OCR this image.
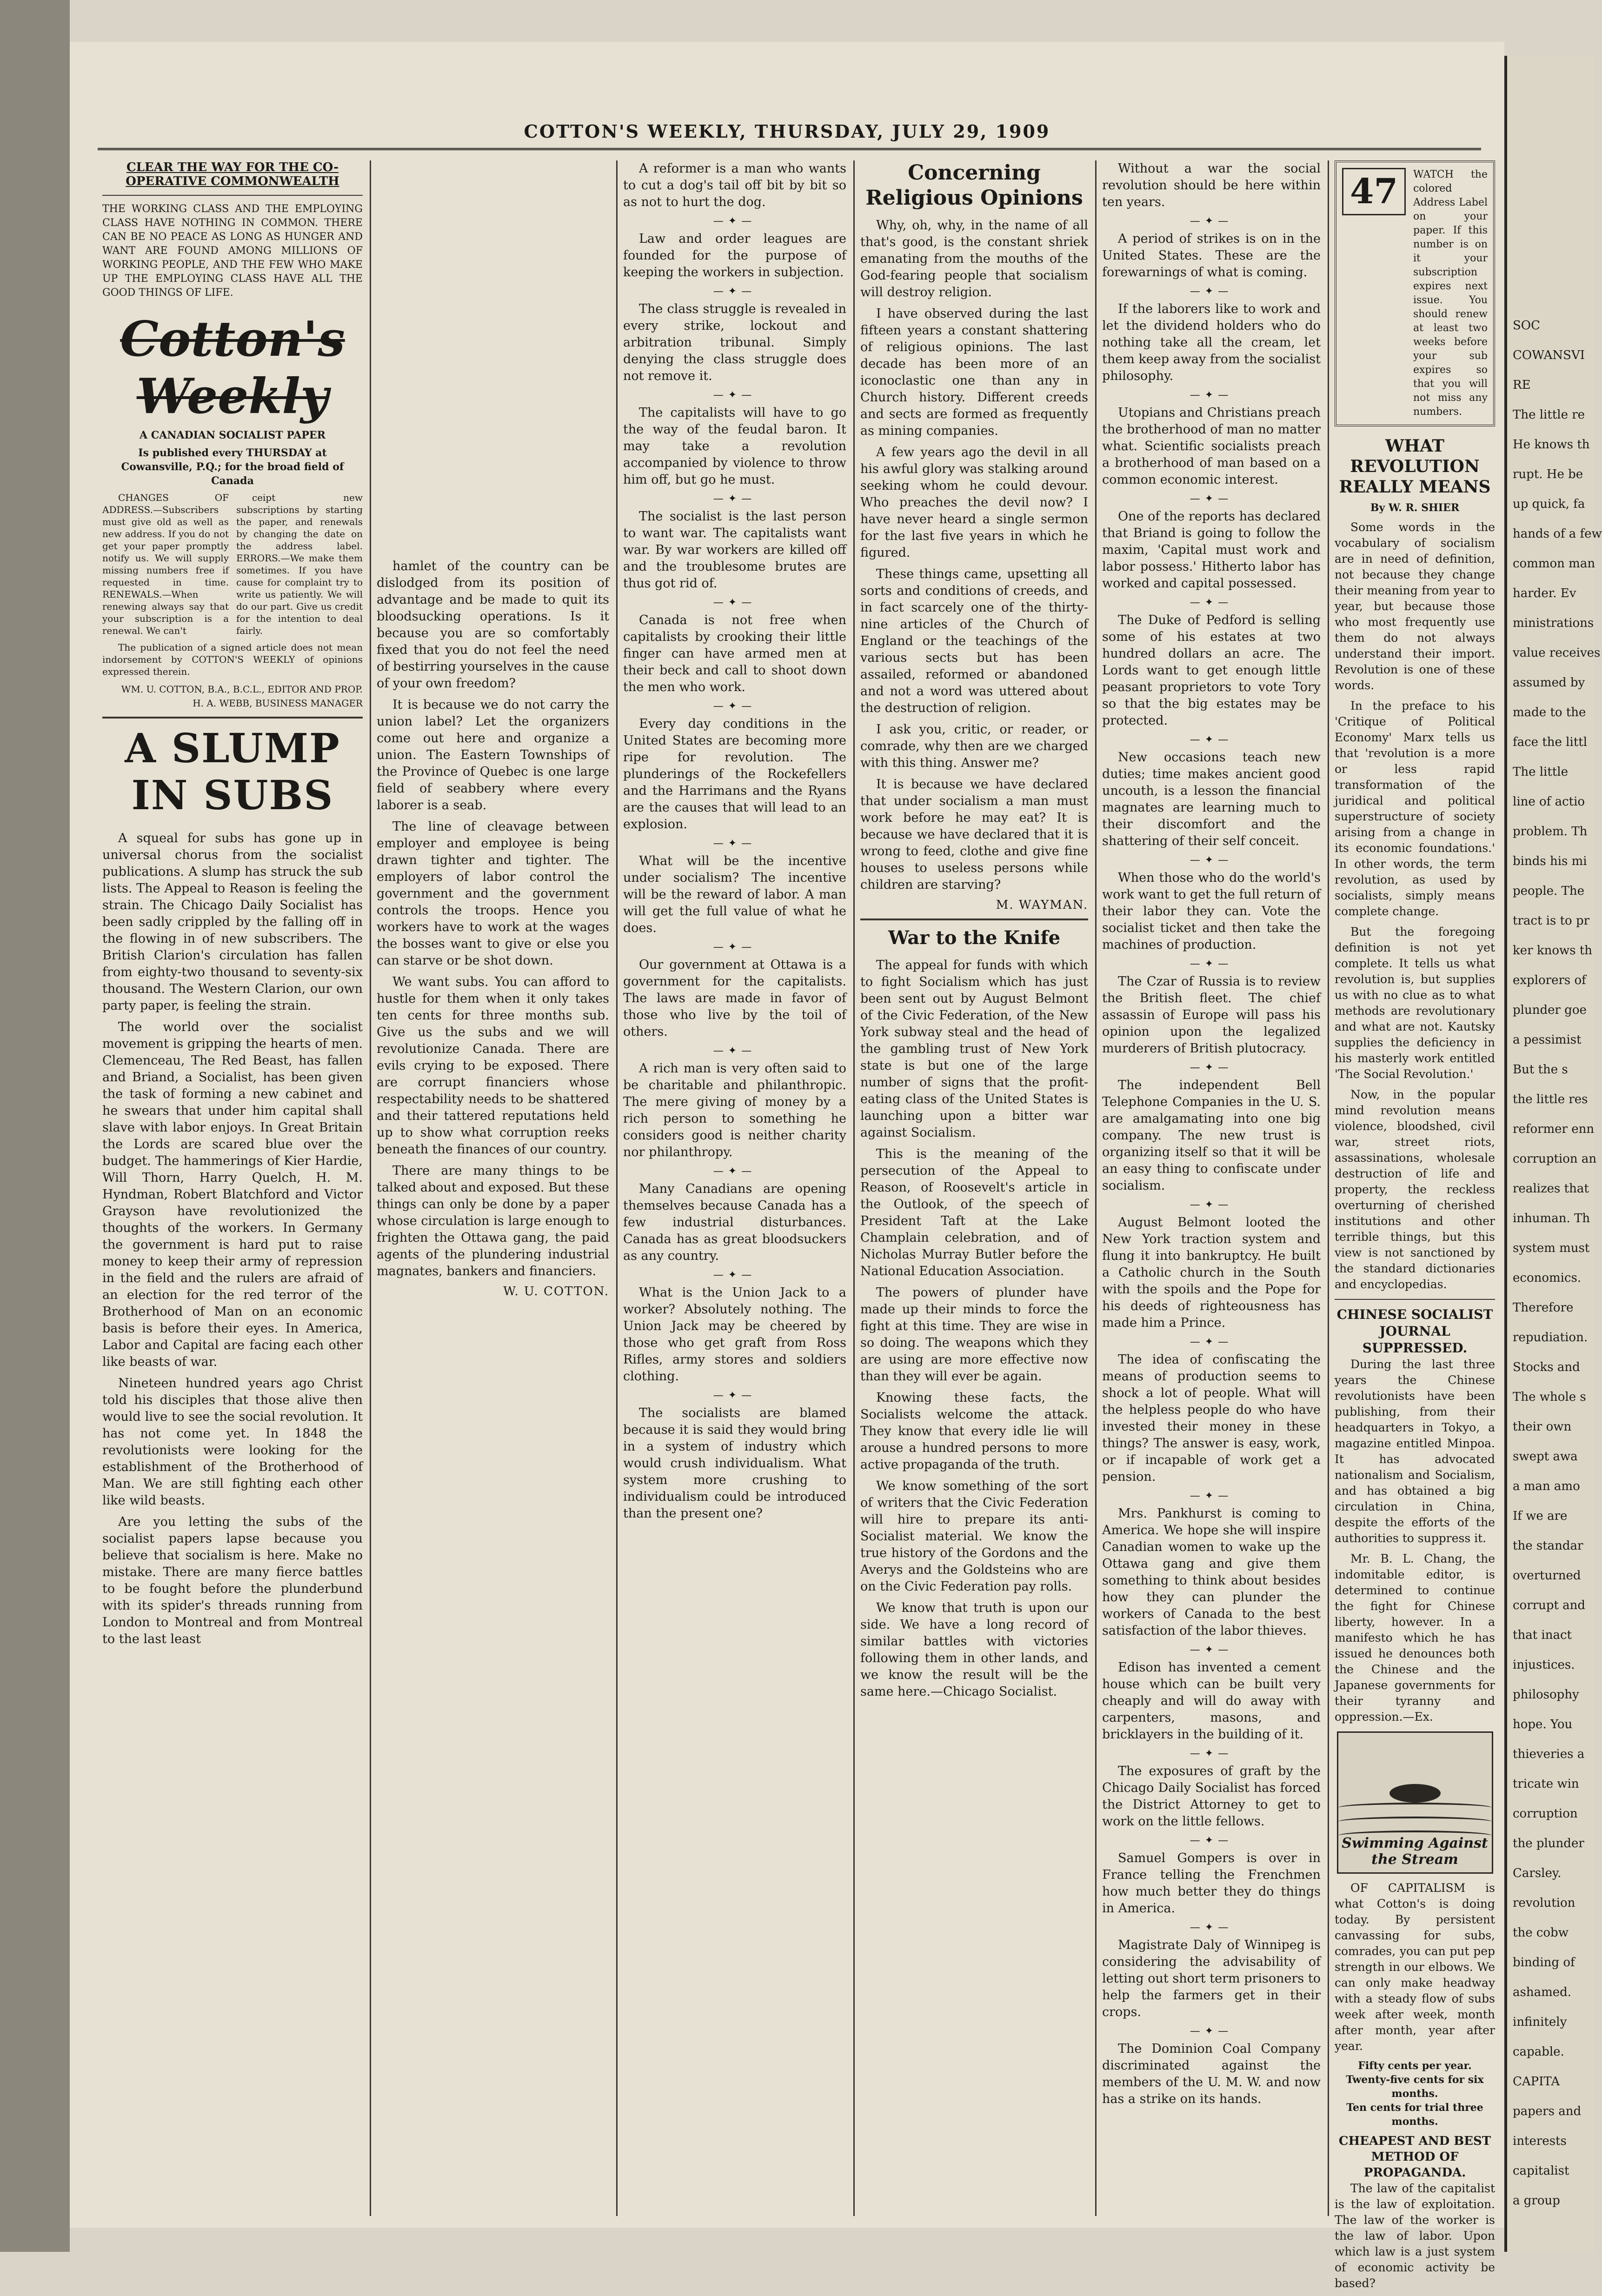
COTTON'S WEEKLY, THURSDAY, JULY 29, 1909
CLEAR THE WAY FOR THE CO-OPERATIVE COMMONWEALTH

THE WORKING CLASS AND THE EMPLOYING CLASS HAVE NOTHING IN COMMON. THERE CAN BE NO PEACE AS LONG AS HUNGER AND WANT ARE FOUND AMONG MILLIONS OF WORKING PEOPLE, AND THE FEW WHO MAKE UP THE EMPLOYING CLASS HAVE ALL THE GOOD THINGS OF LIFE.

Cotton's Weekly
A CANADIAN SOCIALIST PAPER
Is published every THURSDAY at Cowansville, P.Q.; for the broad field of Canada

CHANGES OF ADDRESS.—Subscribers must give old as well as new address. If you do not get your paper promptly notify us. We will supply missing numbers free if requested in time. RENEWALS.—When renewing always say that your subscription is a renewal. We can't

ceipt new subscriptions by starting the paper, and renewals by changing the date on the address label. ERRORS.—We make them sometimes. If you have cause for complaint try to write us patiently. We will do our part. Give us credit for the intention to deal fairly.

The publication of a signed article does not mean indorsement by COTTON'S WEEKLY of opinions expressed therein.

WM. U. COTTON, B.A., B.C.L., EDITOR AND PROP.
H. A. WEBB, BUSINESS MANAGER
A SLUMP IN SUBS

A squeal for subs has gone up in universal chorus from the socialist publications. A slump has struck the sub lists. The Appeal to Reason is feeling the strain. The Chicago Daily Socialist has been sadly crippled by the falling off in the flowing in of new subscribers. The British Clarion's circulation has fallen from eighty-two thousand to seventy-six thousand. The Western Clarion, our own party paper, is feeling the strain.

The world over the socialist movement is gripping the hearts of men. Clemenceau, The Red Beast, has fallen and Briand, a Socialist, has been given the task of forming a new cabinet and he swears that under him capital shall slave with labor enjoys. In Great Britain the Lords are scared blue over the budget. The hammerings of Kier Hardie, Will Thorn, Harry Quelch, H. M. Hyndman, Robert Blatchford and Victor Grayson have revolutionized the thoughts of the workers. In Germany the government is hard put to raise money to keep their army of repression in the field and the rulers are afraid of an election for the red terror of the Brotherhood of Man on an economic basis is before their eyes. In America, Labor and Capital are facing each other like beasts of war.

Nineteen hundred years ago Christ told his disciples that those alive then would live to see the social revolution. It has not come yet. In 1848 the revolutionists were looking for the establishment of the Brotherhood of Man. We are still fighting each other like wild beasts.

Are you letting the subs of the socialist papers lapse because you believe that socialism is here. Make no mistake. There are many fierce battles to be fought before the plunderbund with its spider's threads running from London to Montreal and from Montreal to the last least

hamlet of the country can be dislodged from its position of advantage and be made to quit its bloodsucking operations. Is it because you are so comfortably fixed that you do not feel the need of bestirring yourselves in the cause of your own freedom?

It is because we do not carry the union label? Let the organizers come out here and organize a union. The Eastern Townships of the Province of Quebec is one large field of seabbery where every laborer is a seab.

The line of cleavage between employer and employee is being drawn tighter and tighter. The employers of labor control the government and the government controls the troops. Hence you workers have to work at the wages the bosses want to give or else you can starve or be shot down.

We want subs. You can afford to hustle for them when it only takes ten cents for three months sub. Give us the subs and we will revolutionize Canada. There are evils crying to be exposed. There are corrupt financiers whose respectability needs to be shattered and their tattered reputations held up to show what corruption reeks beneath the finances of our country.

There are many things to be talked about and exposed. But these things can only be done by a paper whose circulation is large enough to frighten the Ottawa gang, the paid agents of the plundering industrial magnates, bankers and financiers.

W. U. COTTON.

A reformer is a man who wants to cut a dog's tail off bit by bit so as not to hurt the dog.

—✦—

Law and order leagues are founded for the purpose of keeping the workers in subjection.

—✦—

The class struggle is revealed in every strike, lockout and arbitration tribunal. Simply denying the class struggle does not remove it.

—✦—

The capitalists will have to go the way of the feudal baron. It may take a revolution accompanied by violence to throw him off, but go he must.

—✦—

The socialist is the last person to want war. The capitalists want war. By war workers are killed off and the troublesome brutes are thus got rid of.

—✦—

Canada is not free when capitalists by crooking their little finger can have armed men at their beck and call to shoot down the men who work.

—✦—

Every day conditions in the United States are becoming more ripe for revolution. The plunderings of the Rockefellers and the Harrimans and the Ryans are the causes that will lead to an explosion.

—✦—

What will be the incentive under socialism? The incentive will be the reward of labor. A man will get the full value of what he does.

—✦—

Our government at Ottawa is a government for the capitalists. The laws are made in favor of those who live by the toil of others.

—✦—

A rich man is very often said to be charitable and philanthropic. The mere giving of money by a rich person to something he considers good is neither charity nor philanthropy.

—✦—

Many Canadians are opening themselves because Canada has a few industrial disturbances. Canada has as great bloodsuckers as any country.

—✦—

What is the Union Jack to a worker? Absolutely nothing. The Union Jack may be cheered by those who get graft from Ross Rifles, army stores and soldiers clothing.

—✦—

The socialists are blamed because it is said they would bring in a system of industry which would crush individualism. What system more crushing to individualism could be introduced than the present one?

Concerning Religious Opinions

Why, oh, why, in the name of all that's good, is the constant shriek emanating from the mouths of the God-fearing people that socialism will destroy religion.

I have observed during the last fifteen years a constant shattering of religious opinions. The last decade has been more of an iconoclastic one than any in Church history. Different creeds and sects are formed as frequently as mining companies.

A few years ago the devil in all his awful glory was stalking around seeking whom he could devour. Who preaches the devil now? I have never heard a single sermon for the last five years in which he figured.

These things came, upsetting all sorts and conditions of creeds, and in fact scarcely one of the thirty-nine articles of the Church of England or the teachings of the various sects but has been assailed, reformed or abandoned and not a word was uttered about the destruction of religion.

I ask you, critic, or reader, or comrade, why then are we charged with this thing. Answer me?

It is because we have declared that under socialism a man must work before he may eat? It is because we have declared that it is wrong to feed, clothe and give fine houses to useless persons while children are starving?

M. WAYMAN.
War to the Knife

The appeal for funds with which to fight Socialism which has just been sent out by August Belmont of the Civic Federation, of the New York subway steal and the head of the gambling trust of New York state is but one of the large number of signs that the profit-eating class of the United States is launching upon a bitter war against Socialism.

This is the meaning of the persecution of the Appeal to Reason, of Roosevelt's article in the Outlook, of the speech of President Taft at the Lake Champlain celebration, and of Nicholas Murray Butler before the National Education Association.

The powers of plunder have made up their minds to force the fight at this time. They are wise in so doing. The weapons which they are using are more effective now than they will ever be again.

Knowing these facts, the Socialists welcome the attack. They know that every idle lie will arouse a hundred persons to more active propaganda of the truth.

We know something of the sort of writers that the Civic Federation will hire to prepare its anti-Socialist material. We know the true history of the Gordons and the Averys and the Goldsteins who are on the Civic Federation pay rolls.

We know that truth is upon our side. We have a long record of similar battles with victories following them in other lands, and we know the result will be the same here.—Chicago Socialist.

Without a war the social revolution should be here within ten years.

—✦—

A period of strikes is on in the United States. These are the forewarnings of what is coming.

—✦—

If the laborers like to work and let the dividend holders who do nothing take all the cream, let them keep away from the socialist philosophy.

—✦—

Utopians and Christians preach the brotherhood of man no matter what. Scientific socialists preach a brotherhood of man based on a common economic interest.

—✦—

One of the reports has declared that Briand is going to follow the maxim, 'Capital must work and labor possess.' Hitherto labor has worked and capital possessed.

—✦—

The Duke of Pedford is selling some of his estates at two hundred dollars an acre. The Lords want to get enough little peasant proprietors to vote Tory so that the big estates may be protected.

—✦—

New occasions teach new duties; time makes ancient good uncouth, is a lesson the financial magnates are learning much to their discomfort and the shattering of their self conceit.

—✦—

When those who do the world's work want to get the full return of their labor they can. Vote the socialist ticket and then take the machines of production.

—✦—

The Czar of Russia is to review the British fleet. The chief assassin of Europe will pass his opinion upon the legalized murderers of British plutocracy.

—✦—

The independent Bell Telephone Companies in the U. S. are amalgamating into one big company. The new trust is organizing itself so that it will be an easy thing to confiscate under socialism.

—✦—

August Belmont looted the New York traction system and flung it into bankruptcy. He built a Catholic church in the South with the spoils and the Pope for his deeds of righteousness has made him a Prince.

—✦—

The idea of confiscating the means of production seems to shock a lot of people. What will the helpless people do who have invested their money in these things? The answer is easy, work, or if incapable of work get a pension.

—✦—

Mrs. Pankhurst is coming to America. We hope she will inspire Canadian women to wake up the Ottawa gang and give them something to think about besides how they can plunder the workers of Canada to the best satisfaction of the labor thieves.

—✦—

Edison has invented a cement house which can be built very cheaply and will do away with carpenters, masons, and bricklayers in the building of it.

—✦—

The exposures of graft by the Chicago Daily Socialist has forced the District Attorney to get to work on the little fellows.

—✦—

Samuel Gompers is over in France telling the Frenchmen how much better they do things in America.

—✦—

Magistrate Daly of Winnipeg is considering the advisability of letting out short term prisoners to help the farmers get in their crops.

—✦—

The Dominion Coal Company discriminated against the members of the U. M. W. and now has a strike on its hands.

47	WATCH the colored Address Label on your paper. If this number is on it your subscription expires next issue. You should renew at least two weeks before your sub expires so that you will not miss any numbers.

WHAT REVOLUTION REALLY MEANS
By W. R. SHIER

Some words in the vocabulary of socialism are in need of definition, not because they change their meaning from year to year, but because those who most frequently use them do not always understand their import. Revolution is one of these words.

In the preface to his 'Critique of Political Economy' Marx tells us that 'revolution is a more or less rapid transformation of the juridical and political superstructure of society arising from a change in its economic foundations.' In other words, the term revolution, as used by socialists, simply means complete change.

But the foregoing definition is not yet complete. It tells us what revolution is, but supplies us with no clue as to what methods are revolutionary and what are not. Kautsky supplies the deficiency in his masterly work entitled 'The Social Revolution.'

Now, in the popular mind revolution means violence, bloodshed, civil war, street riots, assassinations, wholesale destruction of life and property, the reckless overturning of cherished institutions and other terrible things, but this view is not sanctioned by the standard dictionaries and encyclopedias.

CHINESE SOCIALIST JOURNAL SUPPRESSED.

During the last three years the Chinese revolutionists have been publishing, from their headquarters in Tokyo, a magazine entitled Minpoa. It has advocated nationalism and Socialism, and has obtained a big circulation in China, despite the efforts of the authorities to suppress it.

Mr. B. L. Chang, the indomitable editor, is determined to continue the fight for Chinese liberty, however. In a manifesto which he has issued he denounces both the Chinese and the Japanese governments for their tyranny and oppression.—Ex.

Swimming Against the Stream

OF CAPITALISM is what Cotton's is doing today. By persistent canvassing for subs, comrades, you can put pep strength in our elbows. We can only make headway with a steady flow of subs week after week, month after month, year after year.

Fifty cents per year.
Twenty-five cents for six months.
Ten cents for trial three months.
CHEAPEST AND BEST METHOD OF PROPAGANDA.

The law of the capitalist is the law of exploitation. The law of the worker is the law of labor. Upon which law is a just system of economic activity be based?

SOC
COWANSVI
RE
The little re
He knows th
rupt. He be
up quick, fa
hands of a few
common man
harder. Ev
ministrations
value receives
assumed by
made to the
face the littl
The little
line of actio
problem. Th
binds his mi
people. The
tract is to pr
ker knows th
explorers of
plunder goe
a pessimist
But the s
the little res
reformer enn
corruption an
realizes that
inhuman. Th
system must
economics.
Therefore
repudiation.
Stocks and
The whole s
their own
swept awa
a man amo
If we are
the standar
overturned
corrupt and
that inact
injustices.
philosophy
hope. You
thieveries a
tricate win
corruption
the plunder
Carsley.
revolution
the cobw
binding of
ashamed.
infinitely
capable.
CAPITA
papers and
interests
capitalist
a group
